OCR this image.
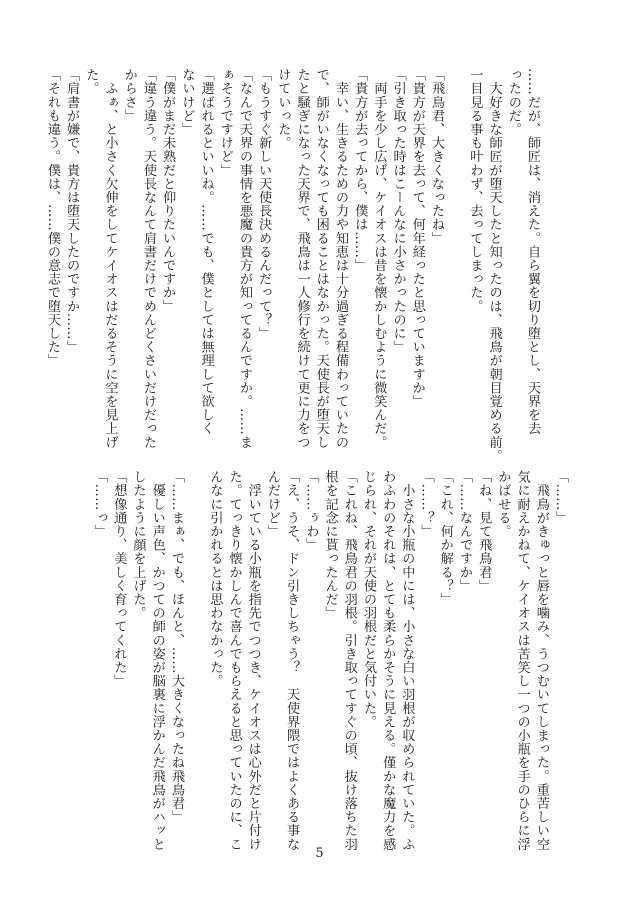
……だが、師匠は、消えた。自ら翼を切り堕とし、天界を去
ったのだ。
　大好きな師匠が堕天したと知ったのは、飛鳥が朝目覚める前。
一目見る事も叶わず、去ってしまった。

「飛鳥君、大きくなったね」
「貴方が天界を去って、何年経ったと思っていますか」
「引き取った時はこーんなに小さかったのに」
　両手を少し広げ、ケイオスは昔を懐かしむように微笑んだ。
「貴方が去ってから、僕は……」
　幸い、生きるための力や知恵は十分過ぎる程備わっていたの
で、師がいなくなっても困ることはなかった。天使長が堕天し
たと騒ぎになった天界で、飛鳥は一人修行を続けて更に力をつ
けていった。
「もうすぐ新しい天使長決めるんだって？」
「なんで天界の事情を悪魔の貴方が知ってるんですか。……ま
ぁそうですけど」
「選ばれるといいね。……でも、僕としては無理して欲しく
ないけど」
「僕がまだ未熟だと仰りたいんですか」
「違う違う。天使長なんて肩書だけでめんどくさいだけだった
からさ」
　ふぁ、と小さく欠伸をしてケイオスはだるそうに空を見上げ
た。
「肩書が嫌で、貴方は堕天したのですか……」
「それも違う。僕は、……僕の意志で堕天した」
「……」
　飛鳥がきゅっと唇を噛み、うつむいてしまった。重苦しい空
気に耐えかねて、ケイオスは苦笑し一つの小瓶を手のひらに浮
かばせる。
「ね、見て飛鳥君」
「……なんですか」
「これ、何か解る？」
「……？」
　小さな小瓶の中には、小さな白い羽根が収められていた。ふ
わふわのそれは、とても柔らかそうに見える。僅かな魔力を感
じられ、それが天使の羽根だと気付いた。
「これね、飛鳥君の羽根。引き取ってすぐの頃、抜け落ちた羽
根を記念に貰ったんだ」
「……ぅわ」
「え、うそ、ドン引きしちゃう？　天使界隈ではよくある事な
んだけど」
　浮いている小瓶を指先でつつき、ケイオスは心外だと片付け
た。てっきり懐かしんで喜んでもらえると思っていたのに、こ
んなに引かれるとは思わなかった。

「……まぁ、でも、ほんと、……大きくなったね飛鳥君」
　優しい声色、かつての師の姿が脳裏に浮かんだ飛鳥がハッと
したように顔を上げた。
「想像通り、美しく育ってくれた」
「……っ」
5
